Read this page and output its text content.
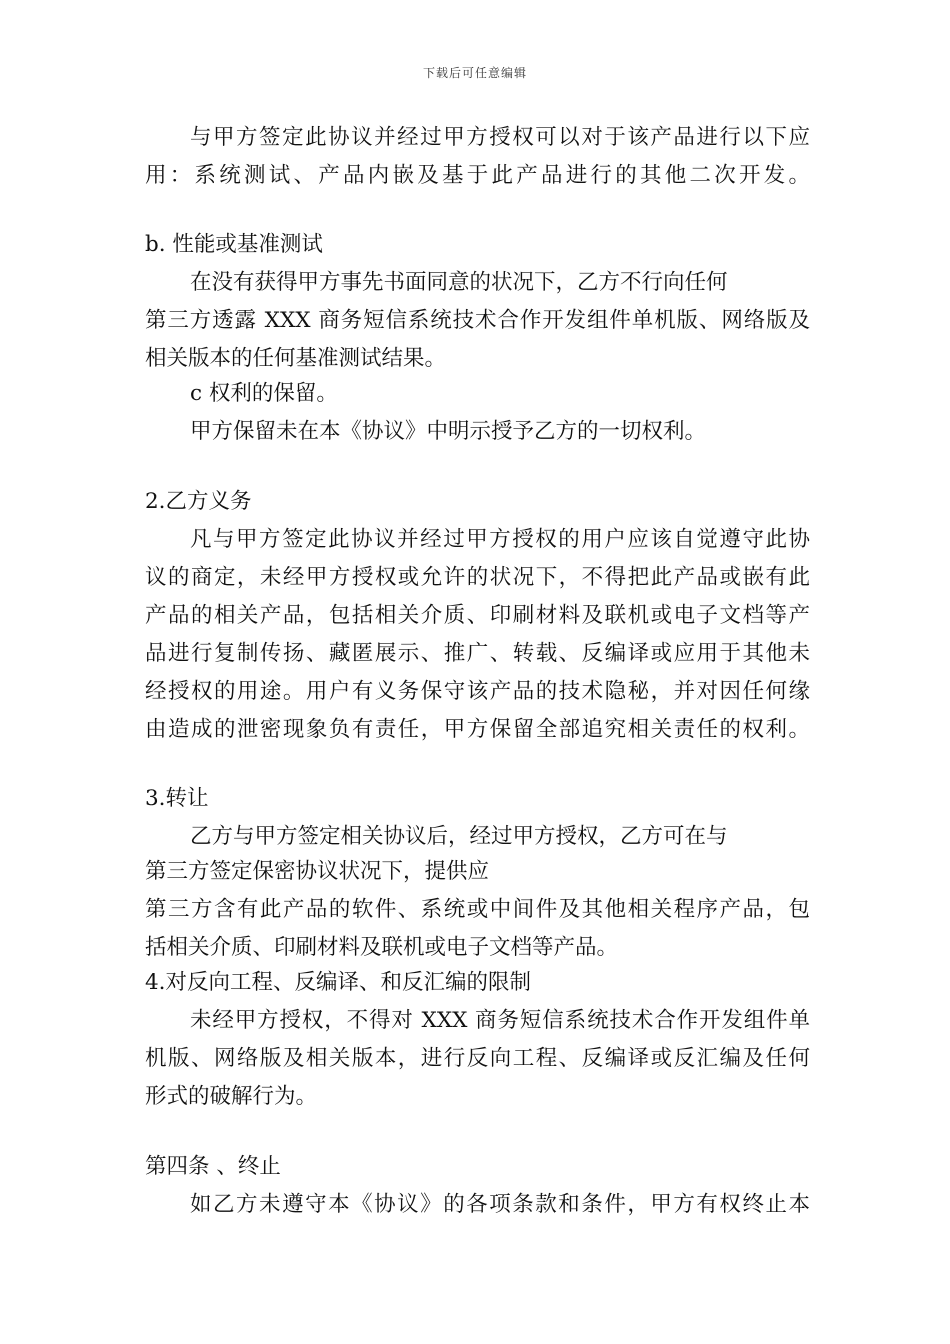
下载后可任意编辑
与甲方签定此协议并经过甲方授权可以对于该产品进行以下应
用：系统测试、产品内嵌及基于此产品进行的其他二次开发。
b. 性能或基准测试
在没有获得甲方事先书面同意的状况下，乙方不行向任何
第三方透露 XXX 商务短信系统技术合作开发组件单机版、网络版及
相关版本的任何基准测试结果。
c 权利的保留。
甲方保留未在本《协议》中明示授予乙方的一切权利。
2.乙方义务
凡与甲方签定此协议并经过甲方授权的用户应该自觉遵守此协
议的商定，未经甲方授权或允许的状况下，不得把此产品或嵌有此
产品的相关产品，包括相关介质、印刷材料及联机或电子文档等产
品进行复制传扬、藏匿展示、推广、转载、反编译或应用于其他未
经授权的用途。用户有义务保守该产品的技术隐秘，并对因任何缘
由造成的泄密现象负有责任，甲方保留全部追究相关责任的权利。
3.转让
乙方与甲方签定相关协议后，经过甲方授权，乙方可在与
第三方签定保密协议状况下，提供应
第三方含有此产品的软件、系统或中间件及其他相关程序产品，包
括相关介质、印刷材料及联机或电子文档等产品。
4.对反向工程、反编译、和反汇编的限制
未经甲方授权，不得对 XXX 商务短信系统技术合作开发组件单
机版、网络版及相关版本，进行反向工程、反编译或反汇编及任何
形式的破解行为。
第四条 、终止
如乙方未遵守本《协议》的各项条款和条件，甲方有权终止本
